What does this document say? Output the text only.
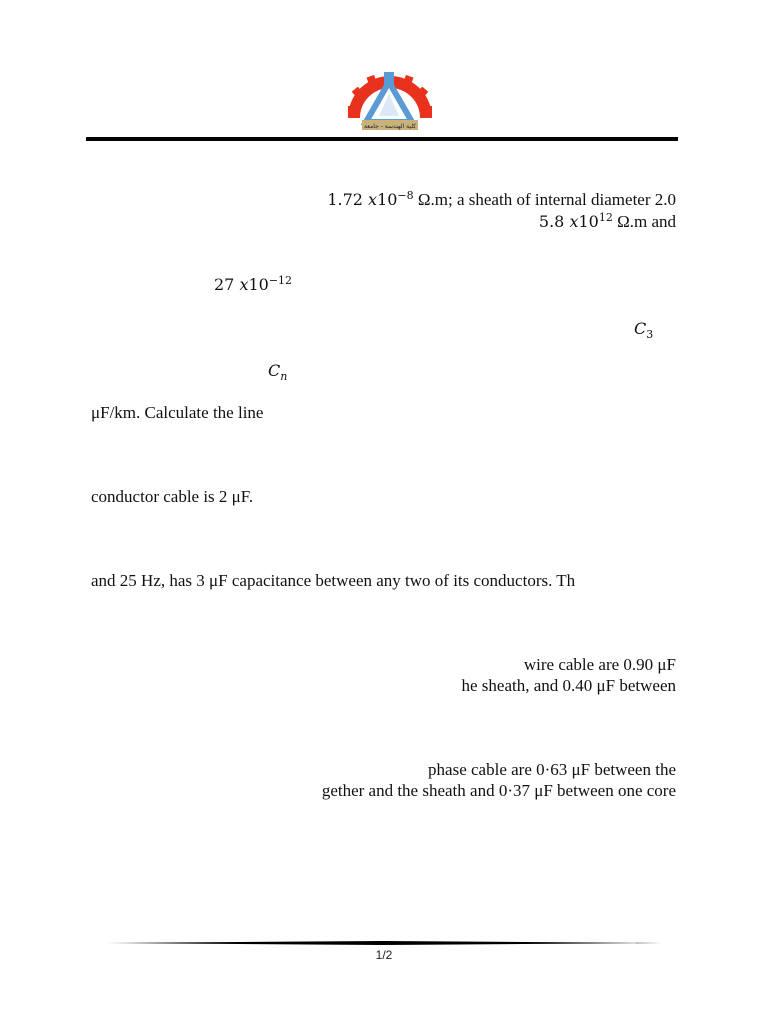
كلية الهندسة - جامعة
1.72 $x10^{-8}$ Ω.m; a sheath of internal diameter 2.0
5.8 $x10^{12}$ Ω.m and
27 $x10^{-12}$
$C_3$
$C_n$
μF/km. Calculate the line
conductor cable is 2 μF.
and 25 Hz, has 3 μF capacitance between any two of its conductors. Th
wire cable are 0.90 μF
he sheath, and 0.40 μF between
phase cable are 0·63 μF between the
gether and the sheath and 0·37 μF between one core
1/2
